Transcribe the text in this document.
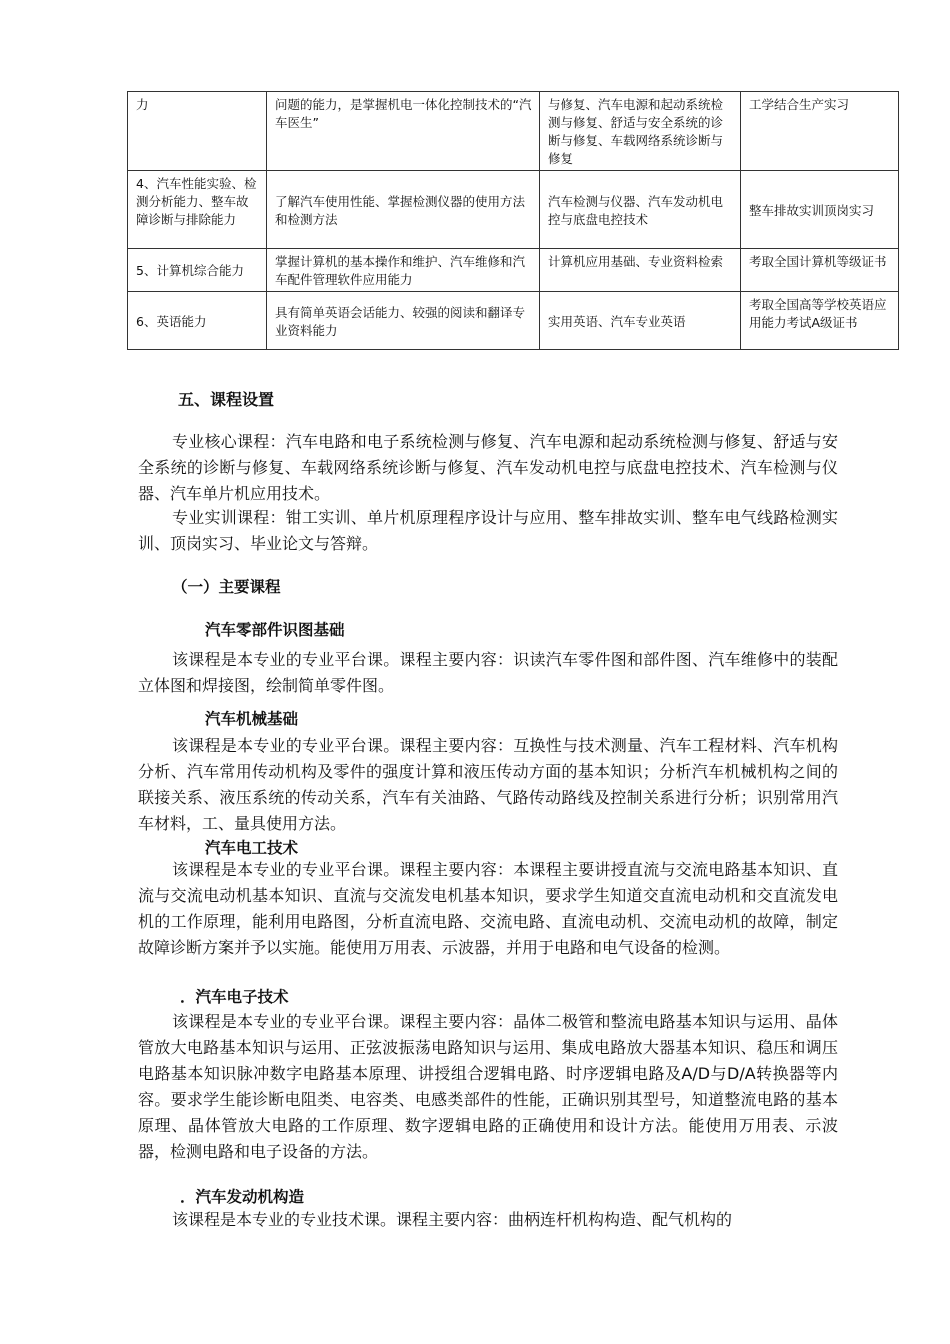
力	问题的能力，是掌握机电一体化控制技术的“汽车医生”	与修复、汽车电源和起动系统检测与修复、舒适与安全系统的诊断与修复、车载网络系统诊断与修复	工学结合生产实习
4、汽车性能实验、检测分析能力、整车故障诊断与排除能力	了解汽车使用性能、掌握检测仪器的使用方法和检测方法	汽车检测与仪器、汽车发动机电控与底盘电控技术	整车排故实训顶岗实习
5、计算机综合能力	掌握计算机的基本操作和维护、汽车维修和汽车配件管理软件应用能力	计算机应用基础、专业资料检索	考取全国计算机等级证书
6、英语能力	具有简单英语会话能力、较强的阅读和翻译专业资料能力	实用英语、汽车专业英语	考取全国高等学校英语应用能力考试A级证书
五、课程设置

专业核心课程：汽车电路和电子系统检测与修复、汽车电源和起动系统检测与修复、舒适与安全系统的诊断与修复、车载网络系统诊断与修复、汽车发动机电控与底盘电控技术、汽车检测与仪器、汽车单片机应用技术。

专业实训课程：钳工实训、单片机原理程序设计与应用、整车排故实训、整车电气线路检测实训、顶岗实习、毕业论文与答辩。

（一）主要课程
汽车零部件识图基础

该课程是本专业的专业平台课。课程主要内容：识读汽车零件图和部件图、汽车维修中的装配立体图和焊接图，绘制简单零件图。

汽车机械基础

该课程是本专业的专业平台课。课程主要内容：互换性与技术测量、汽车工程材料、汽车机构分析、汽车常用传动机构及零件的强度计算和液压传动方面的基本知识；分析汽车机械机构之间的联接关系、液压系统的传动关系，汽车有关油路、气路传动路线及控制关系进行分析；识别常用汽车材料，工、量具使用方法。

汽车电工技术

该课程是本专业的专业平台课。课程主要内容：本课程主要讲授直流与交流电路基本知识、直流与交流电动机基本知识、直流与交流发电机基本知识，要求学生知道交直流电动机和交直流发电机的工作原理，能利用电路图，分析直流电路、交流电路、直流电动机、交流电动机的故障，制定故障诊断方案并予以实施。能使用万用表、示波器，并用于电路和电气设备的检测。

．汽车电子技术

该课程是本专业的专业平台课。课程主要内容：晶体二极管和整流电路基本知识与运用、晶体管放大电路基本知识与运用、正弦波振荡电路知识与运用、集成电路放大器基本知识、稳压和调压电路基本知识脉冲数字电路基本原理、讲授组合逻辑电路、时序逻辑电路及A/D与D/A转换器等内容。要求学生能诊断电阻类、电容类、电感类部件的性能，正确识别其型号，知道整流电路的基本原理、晶体管放大电路的工作原理、数字逻辑电路的正确使用和设计方法。能使用万用表、示波器，检测电路和电子设备的方法。

．汽车发动机构造

该课程是本专业的专业技术课。课程主要内容：曲柄连杆机构构造、配气机构的
